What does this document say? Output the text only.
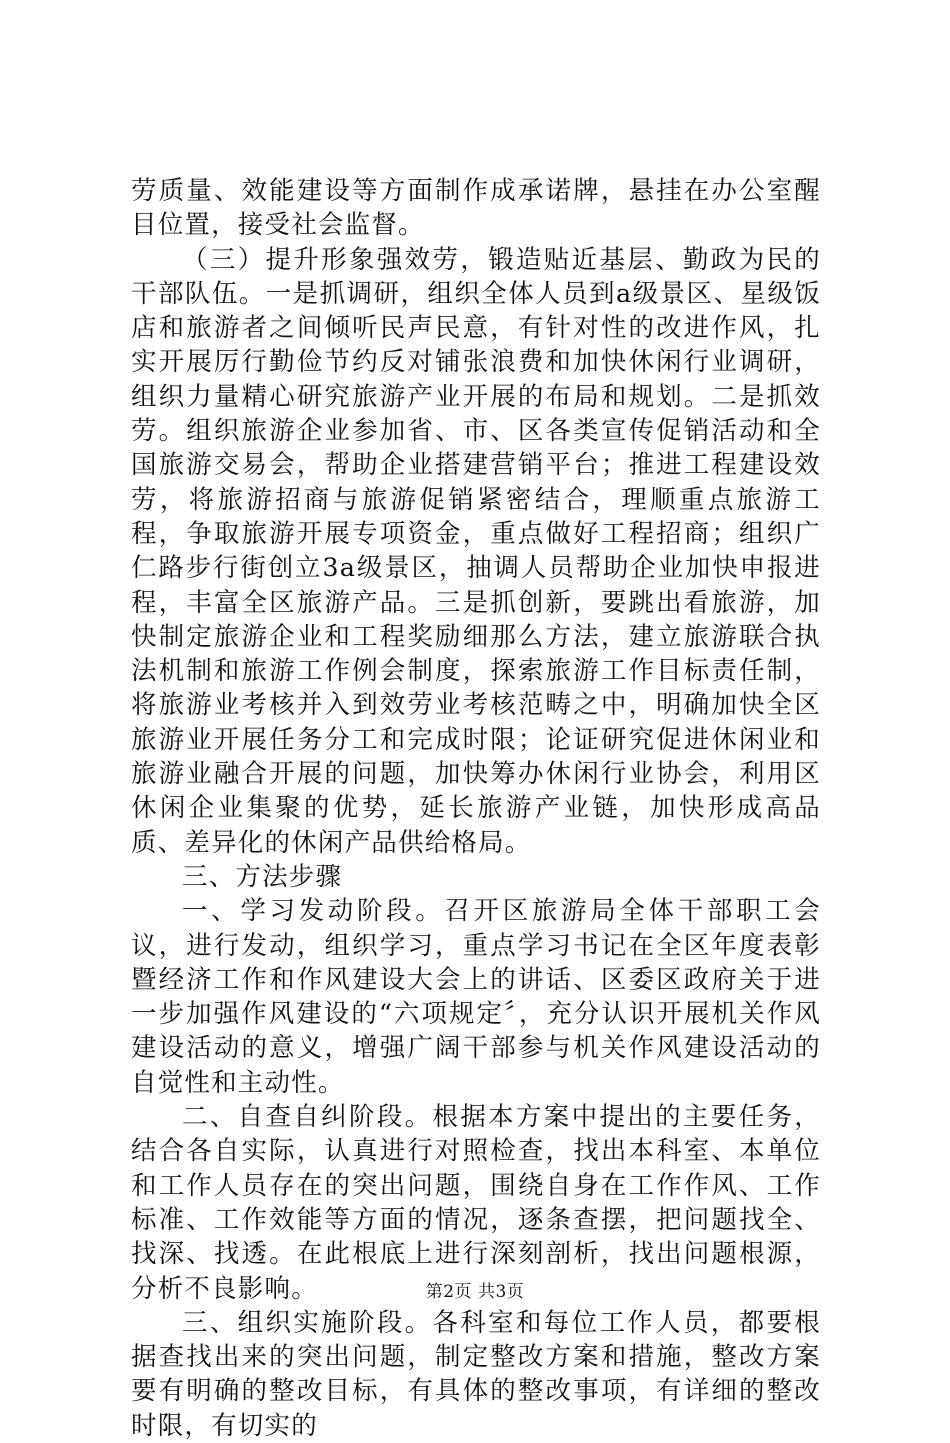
劳质量、效能建设等方面制作成承诺牌，悬挂在办公室醒目位置，接受社会监督。

（三）提升形象强效劳，锻造贴近基层、勤政为民的干部队伍。一是抓调研，组织全体人员到a级景区、星级饭店和旅游者之间倾听民声民意，有针对性的改进作风，扎实开展厉行勤俭节约反对铺张浪费和加快休闲行业调研，组织力量精心研究旅游产业开展的布局和规划。二是抓效劳。组织旅游企业参加省、市、区各类宣传促销活动和全国旅游交易会，帮助企业搭建营销平台；推进工程建设效劳，将旅游招商与旅游促销紧密结合，理顺重点旅游工程，争取旅游开展专项资金，重点做好工程招商；组织广仁路步行街创立3a级景区，抽调人员帮助企业加快申报进程，丰富全区旅游产品。三是抓创新，要跳出看旅游，加快制定旅游企业和工程奖励细那么方法，建立旅游联合执法机制和旅游工作例会制度，探索旅游工作目标责任制，将旅游业考核并入到效劳业考核范畴之中，明确加快全区旅游业开展任务分工和完成时限；论证研究促进休闲业和旅游业融合开展的问题，加快筹办休闲行业协会，利用区休闲企业集聚的优势，延长旅游产业链，加快形成高品质、差异化的休闲产品供给格局。

三、方法步骤

一、学习发动阶段。召开区旅游局全体干部职工会议，进行发动，组织学习，重点学习书记在全区年度表彰暨经济工作和作风建设大会上的讲话、区委区政府关于进一步加强作风建设的“六项规定〞，充分认识开展机关作风建设活动的意义，增强广阔干部参与机关作风建设活动的自觉性和主动性。

二、自查自纠阶段。根据本方案中提出的主要任务，结合各自实际，认真进行对照检查，找出本科室、本单位和工作人员存在的突出问题，围绕自身在工作作风、工作标准、工作效能等方面的情况，逐条查摆，把问题找全、找深、找透。在此根底上进行深刻剖析，找出问题根源，分析不良影响。

三、组织实施阶段。各科室和每位工作人员，都要根据查找出来的突出问题，制定整改方案和措施，整改方案要有明确的整改目标，有具体的整改事项，有详细的整改时限，有切实的

第2页 共3页
